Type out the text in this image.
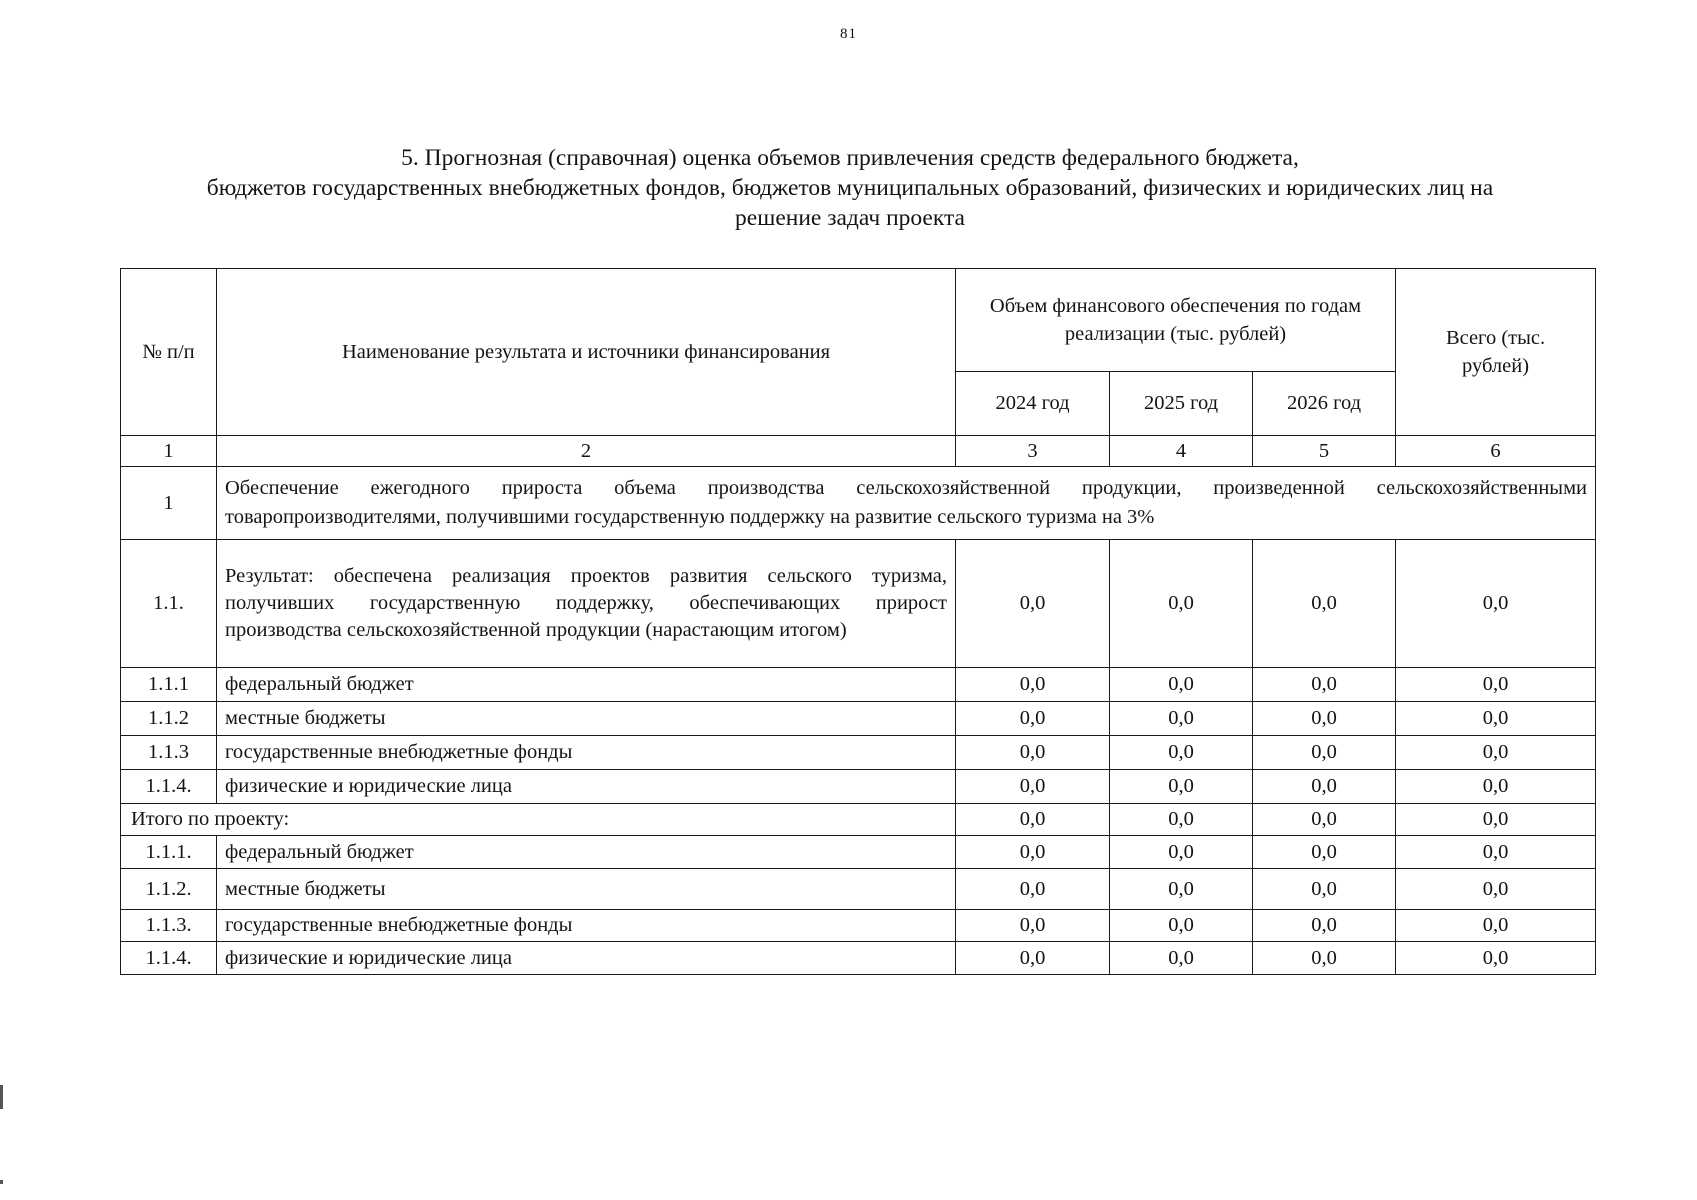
81
5. Прогнозная (справочная) оценка объемов привлечения средств федерального бюджета,
бюджетов государственных внебюджетных фондов, бюджетов муниципальных образований, физических и юридических лиц на
решение задач проекта
№ п/п	Наименование результата и источники финансирования	Объем финансового обеспечения по годам реализации (тыс. рублей)			Всего (тыс. рублей)
		2024 год	2025 год	2026 год	
1	2	3	4	5	6
1	Обеспечение ежегодного прироста объема производства сельскохозяйственной продукции, произведенной сельскохозяйственными товаропроизводителями, получившими государственную поддержку на развитие сельского туризма на 3%				
1.1.	Результат: обеспечена реализация проектов развития сельского туризма, получивших государственную поддержку, обеспечивающих прирост производства сельскохозяйственной продукции (нарастающим итогом)	0,0	0,0	0,0	0,0
1.1.1	федеральный бюджет	0,0	0,0	0,0	0,0
1.1.2	местные бюджеты	0,0	0,0	0,0	0,0
1.1.3	государственные внебюджетные фонды	0,0	0,0	0,0	0,0
1.1.4.	физические и юридические лица	0,0	0,0	0,0	0,0
Итого по проекту:		0,0	0,0	0,0	0,0
1.1.1.	федеральный бюджет	0,0	0,0	0,0	0,0
1.1.2.	местные бюджеты	0,0	0,0	0,0	0,0
1.1.3.	государственные внебюджетные фонды	0,0	0,0	0,0	0,0
1.1.4.	физические и юридические лица	0,0	0,0	0,0	0,0
